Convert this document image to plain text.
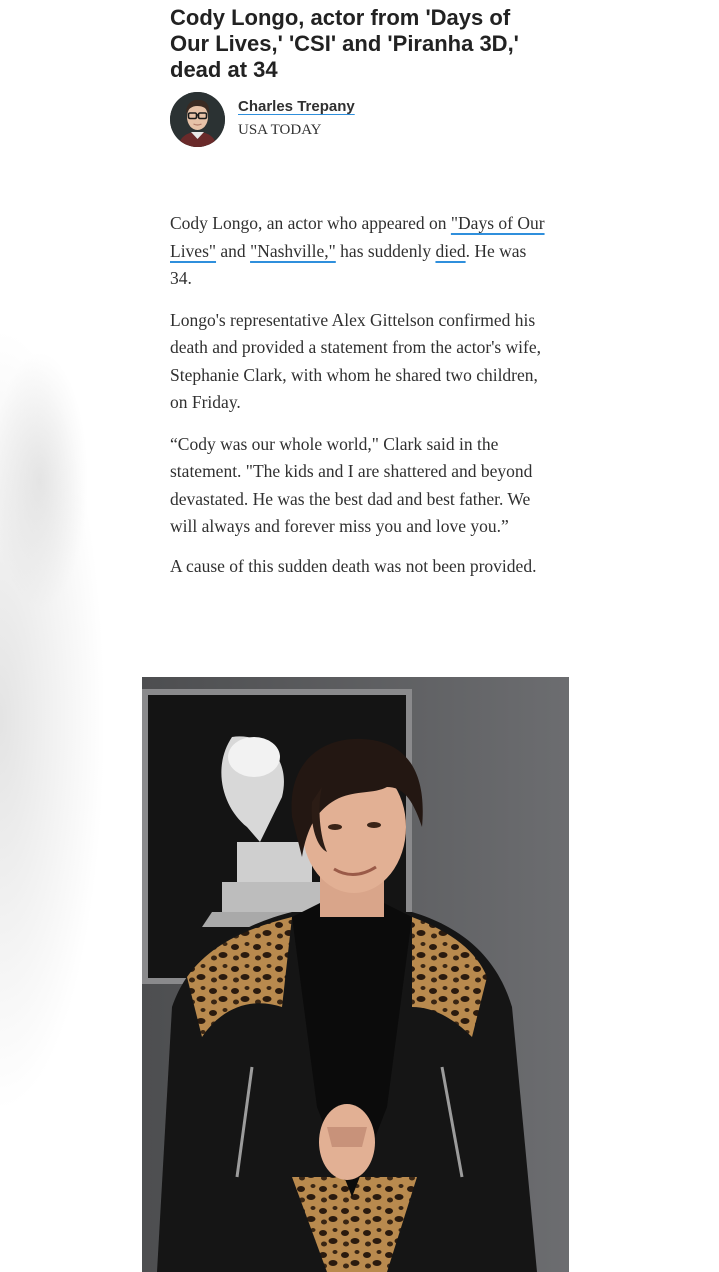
Cody Longo, actor from 'Days of Our Lives,' 'CSI' and 'Piranha 3D,' dead at 34
Charles Trepany
USA TODAY

Cody Longo, an actor who appeared on "Days of Our Lives" and "Nashville," has suddenly died. He was 34.

Longo's representative Alex Gittelson confirmed his death and provided a statement from the actor's wife, Stephanie Clark, with whom he shared two children, on Friday.

“Cody was our whole world," Clark said in the statement. "The kids and I are shattered and beyond devastated. He was the best dad and best father. We will always and forever miss you and love you.”

A cause of this sudden death was not been provided.
